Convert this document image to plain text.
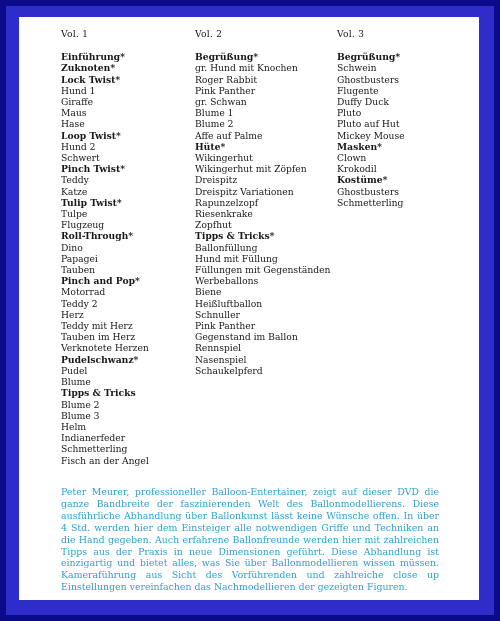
Vol. 1
Einführung*
Zuknoten*
Lock Twist*
Hund 1
Giraffe
Maus
Hase
Loop Twist*
Hund 2
Schwert
Pinch Twist*
Teddy
Katze
Tulip Twist*
Tulpe
Flugzeug
Roll-Through*
Dino
Papagei
Tauben
Pinch and Pop*
Motorrad
Teddy 2
Herz
Teddy mit Herz
Tauben im Herz
Verknotete Herzen
Pudelschwanz*
Pudel
Blume
Tipps & Tricks
Blume 2
Blume 3
Helm
Indianerfeder
Schmetterling
Fisch an der Angel
Vol. 2
Begrüßung*
gr. Hund mit Knochen
Roger Rabbit
Pink Panther
gr. Schwan
Blume 1
Blume 2
Affe auf Palme
Hüte*
Wikingerhut
Wikingerhut mit Zöpfen
Dreispitz
Dreispitz Variationen
Rapunzelzopf
Riesenkrake
Zopfhut
Tipps & Tricks*
Ballonfüllung
Hund mit Füllung
Füllungen mit Gegenständen
Werbeballons
Biene
Heißluftballon
Schnuller
Pink Panther
Gegenstand im Ballon
Rennspiel
Nasenspiel
Schaukelpferd
Vol. 3
Begrüßung*
Schwein
Ghostbusters
Flugente
Duffy Duck
Pluto
Pluto auf Hut
Mickey Mouse
Masken*
Clown
Krokodil
Kostüme*
Ghostbusters
Schmetterling
Peter Meurer, professioneller Balloon-Entertainer, zeigt auf dieser DVD die ganze Bandbreite der faszinierenden Welt des Ballonmodellierens. Diese ausführliche Abhandlung über Ballonkunst lässt keine Wünsche offen. In über 4 Std. werden hier dem Einsteiger alle notwendigen Griffe und Techniken an die Hand gegeben. Auch erfahrene Ballonfreunde werden hier mit zahlreichen Tipps aus der Praxis in neue Dimensionen geführt. Diese Abhandlung ist einzigartig und bietet alles, was Sie über Ballonmodellieren wissen müssen. Kameraführung aus Sicht des Vorführenden und zahlreiche close up Einstellungen vereinfachen das Nachmodellieren der gezeigten Figuren.
